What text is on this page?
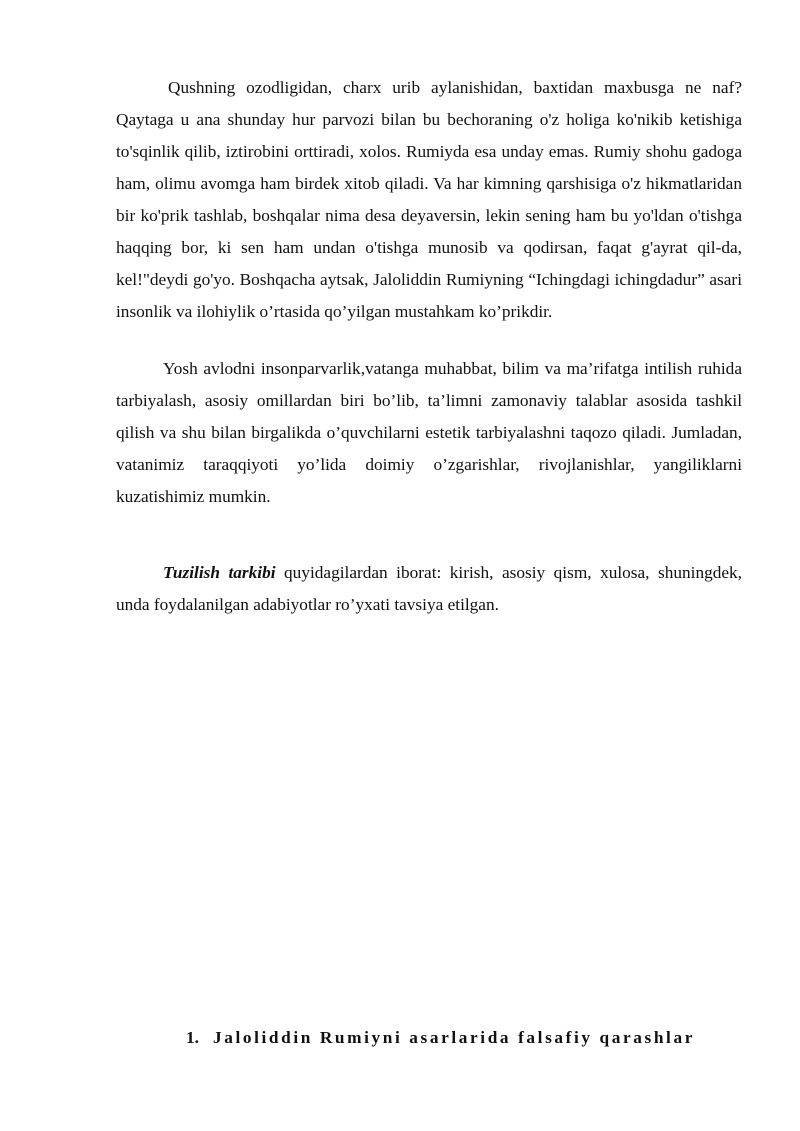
Qushning ozodligidan, charx urib aylanishidan, baxtidan maxbusga ne naf? Qaytaga u ana shunday hur parvozi bilan bu bechoraning o'z holiga ko'nikib ketishiga to'sqinlik qilib, iztirobini orttiradi, xolos. Rumiyda esa unday emas. Rumiy shohu gadoga ham, olimu avomga ham birdek xitob qiladi. Va har kimning qarshisiga o'z hikmatlaridan bir ko'prik tashlab, boshqalar nima desa deyaversin, lekin sening ham bu yo'ldan o'tishga haqqing bor, ki sen ham undan o'tishga munosib va qodirsan, faqat g'ayrat qil-da, kel!"deydi go'yo. Boshqacha aytsak, Jaloliddin Rumiyning “Ichingdagi ichingdadur” asari insonlik va ilohiylik o’rtasida qo’yilgan mustahkam ko’prikdir.

Yosh avlodni insonparvarlik,vatanga muhabbat, bilim va ma’rifatga intilish ruhida tarbiyalash, asosiy omillardan biri bo’lib, ta’limni zamonaviy talablar asosida tashkil qilish va shu bilan birgalikda o’quvchilarni estetik tarbiyalashni taqozo qiladi. Jumladan, vatanimiz taraqqiyoti yo’lida doimiy o’zgarishlar, rivojlanishlar, yangiliklarni kuzatishimiz mumkin.

Tuzilish tarkibi quyidagilardan iborat: kirish, asosiy qism, xulosa, shuningdek, unda foydalanilgan adabiyotlar ro’yxati tavsiya etilgan.

1. Jaloliddin Rumiyni asarlarida falsafiy qarashlar
